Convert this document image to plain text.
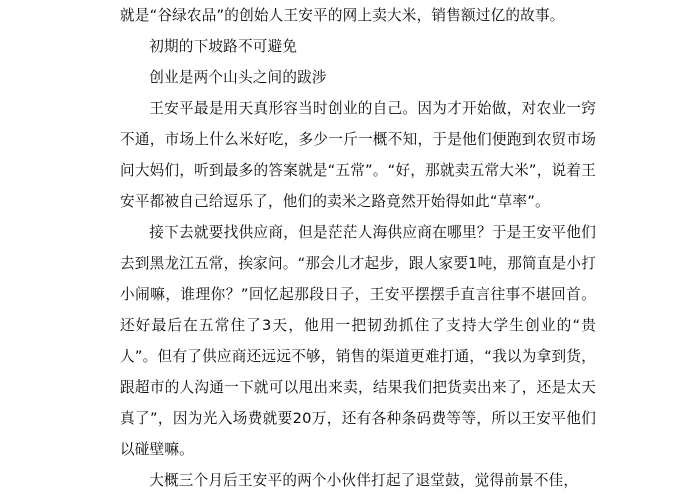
就是“谷绿农品”的创始人王安平的网上卖大米，销售额过亿的故事。

初期的下坡路不可避免

创业是两个山头之间的跋涉

王安平最是用天真形容当时创业的自己。因为才开始做，对农业一窍不通，市场上什么米好吃，多少一斤一概不知，于是他们便跑到农贸市场问大妈们，听到最多的答案就是“五常”。“好，那就卖五常大米”，说着王安平都被自己给逗乐了，他们的卖米之路竟然开始得如此“草率”。

接下去就要找供应商，但是茫茫人海供应商在哪里？于是王安平他们去到黑龙江五常，挨家问。“那会儿才起步，跟人家要1吨，那简直是小打小闹嘛，谁理你？”回忆起那段日子，王安平摆摆手直言往事不堪回首。还好最后在五常住了3天，他用一把韧劲抓住了支持大学生创业的“贵人”。但有了供应商还远远不够，销售的渠道更难打通，“我以为拿到货，跟超市的人沟通一下就可以甩出来卖，结果我们把货卖出来了，还是太天真了”，因为光入场费就要20万，还有各种条码费等等，所以王安平他们以碰壁嘛。

大概三个月后王安平的两个小伙伴打起了退堂鼓，觉得前景不佳，
